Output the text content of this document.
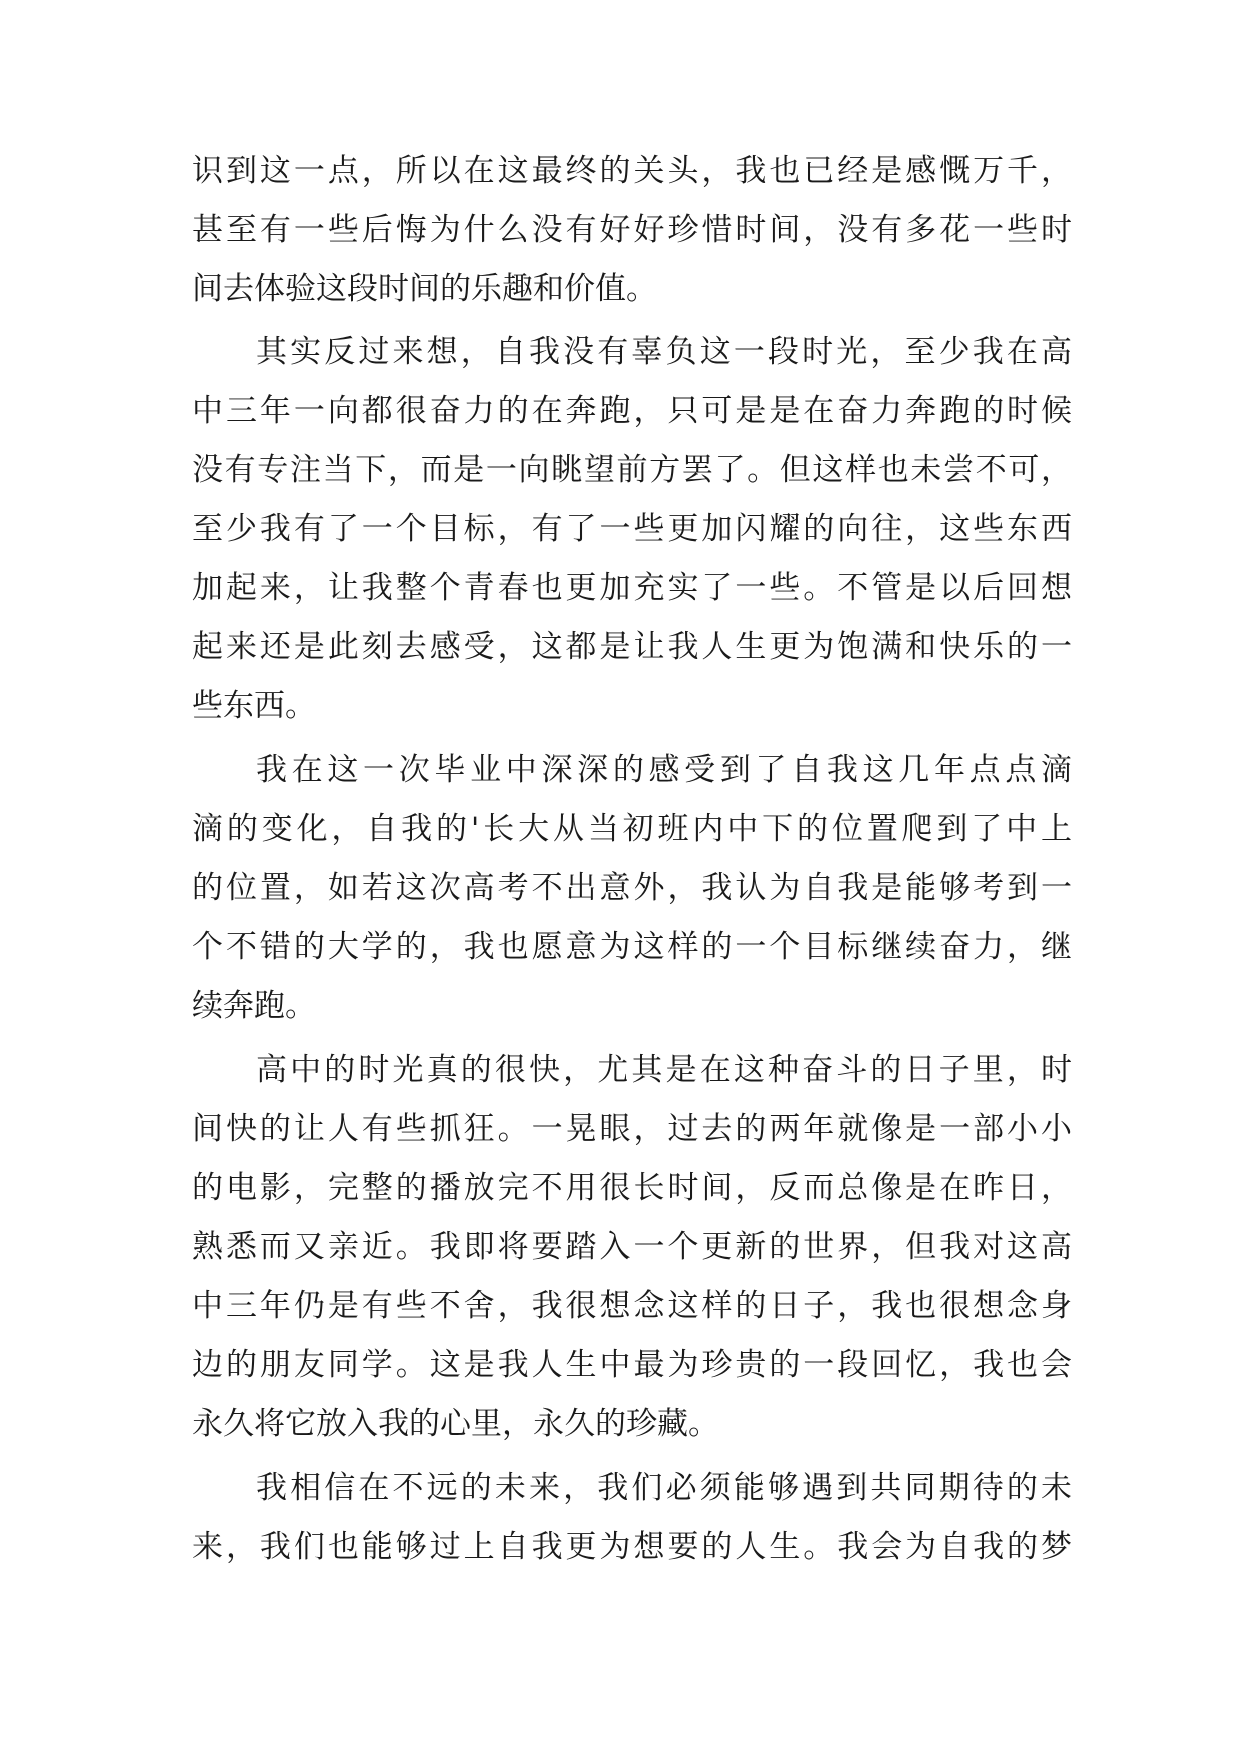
识到这一点，所以在这最终的关头，我也已经是感慨万千，

甚至有一些后悔为什么没有好好珍惜时间，没有多花一些时

间去体验这段时间的乐趣和价值。

其实反过来想，自我没有辜负这一段时光，至少我在高

中三年一向都很奋力的在奔跑，只可是是在奋力奔跑的时候

没有专注当下，而是一向眺望前方罢了。但这样也未尝不可，

至少我有了一个目标，有了一些更加闪耀的向往，这些东西

加起来，让我整个青春也更加充实了一些。不管是以后回想

起来还是此刻去感受，这都是让我人生更为饱满和快乐的一

些东西。

我在这一次毕业中深深的感受到了自我这几年点点滴

滴的变化，自我的'长大从当初班内中下的位置爬到了中上

的位置，如若这次高考不出意外，我认为自我是能够考到一

个不错的大学的，我也愿意为这样的一个目标继续奋力，继

续奔跑。

高中的时光真的很快，尤其是在这种奋斗的日子里，时

间快的让人有些抓狂。一晃眼，过去的两年就像是一部小小

的电影，完整的播放完不用很长时间，反而总像是在昨日，

熟悉而又亲近。我即将要踏入一个更新的世界，但我对这高

中三年仍是有些不舍，我很想念这样的日子，我也很想念身

边的朋友同学。这是我人生中最为珍贵的一段回忆，我也会

永久将它放入我的心里，永久的珍藏。

我相信在不远的未来，我们必须能够遇到共同期待的未

来，我们也能够过上自我更为想要的人生。我会为自我的梦
